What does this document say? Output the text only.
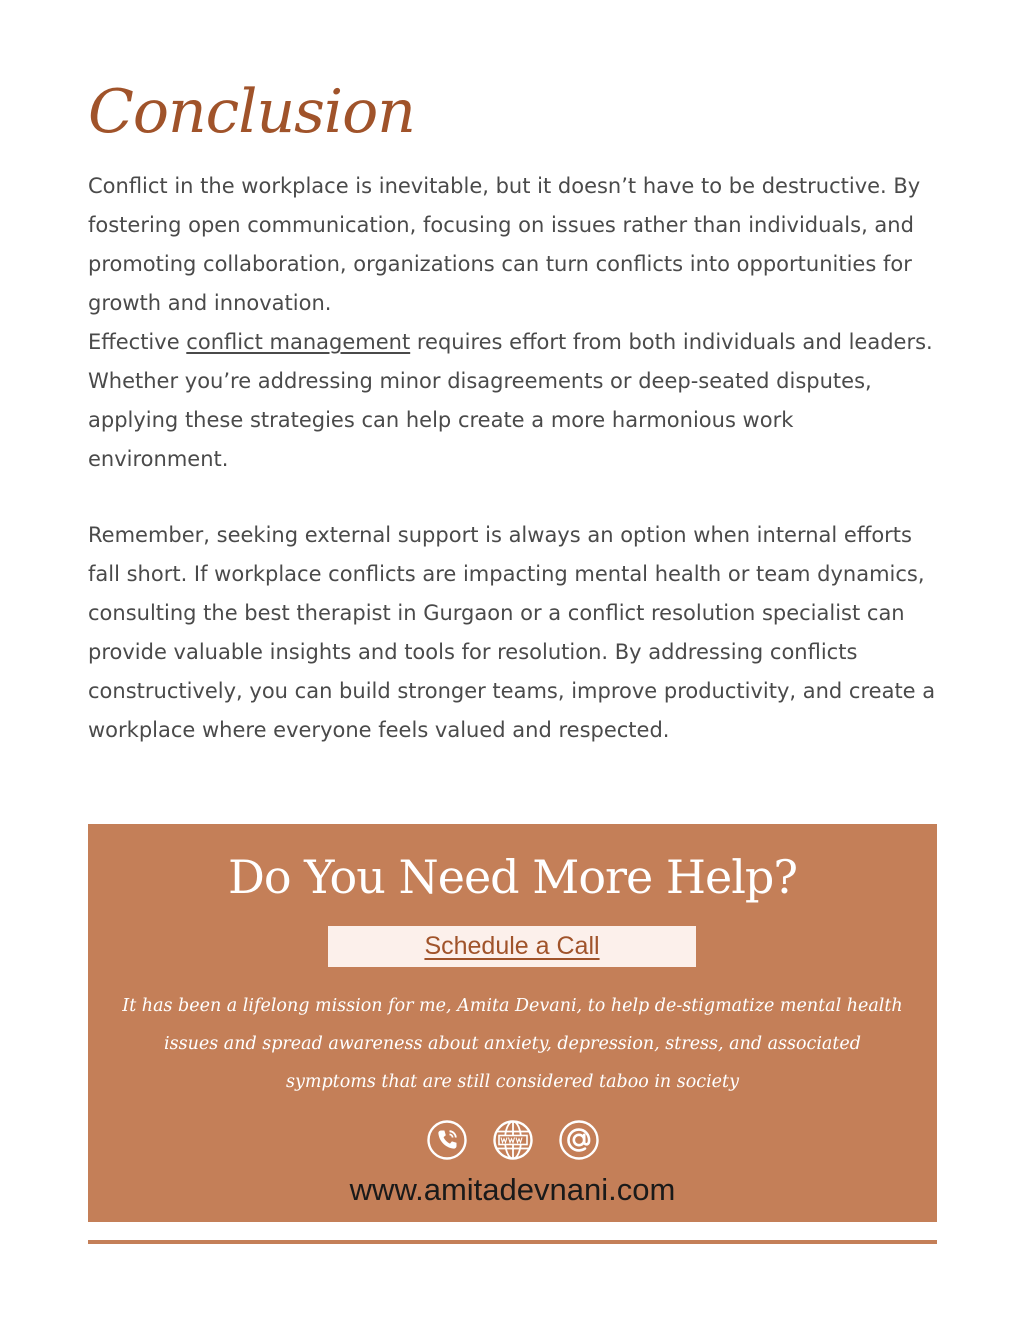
Conclusion

Conflict in the workplace is inevitable, but it doesn’t have to be destructive. By fostering open communication, focusing on issues rather than individuals, and promoting collaboration, organizations can turn conflicts into opportunities for growth and innovation.

Effective conflict management requires effort from both individuals and leaders. Whether you’re addressing minor disagreements or deep-seated disputes, applying these strategies can help create a more harmonious work environment.

Remember, seeking external support is always an option when internal efforts fall short. If workplace conflicts are impacting mental health or team dynamics, consulting the best therapist in Gurgaon or a conflict resolution specialist can provide valuable insights and tools for resolution. By addressing conflicts constructively, you can build stronger teams, improve productivity, and create a workplace where everyone feels valued and respected.

Do You Need More Help?
Schedule a Call

It has been a lifelong mission for me, Amita Devani, to help de-stigmatize mental health issues and spread awareness about anxiety, depression, stress, and associated symptoms that are still considered taboo in society

www.amitadevnani.com
